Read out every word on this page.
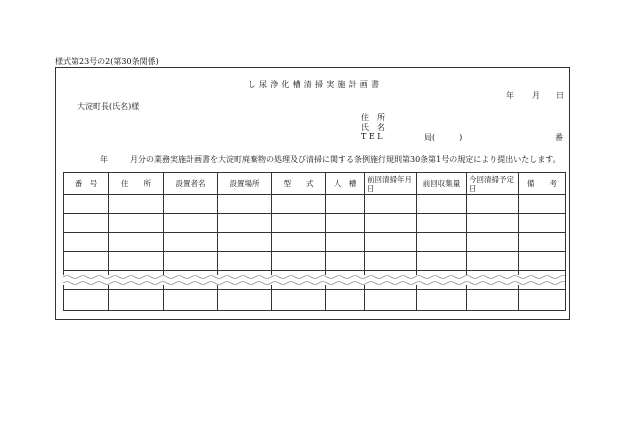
様式第23号の2(第30条関係)
し尿浄化槽清掃実施計画書
年 月 日
大淀町長(氏名)様
住　所
氏　名
T E L	局(　　　)	番
年	月分の業務実施計画書を大淀町廃棄物の処理及び清掃に関する条例施行規則第30条第1号の規定により提出いたします。
番　号	住　　所	設置者名	設置場所	型　　式	人　槽	前回清掃年月日	前回収集量	今回清掃予定日	備　　考
